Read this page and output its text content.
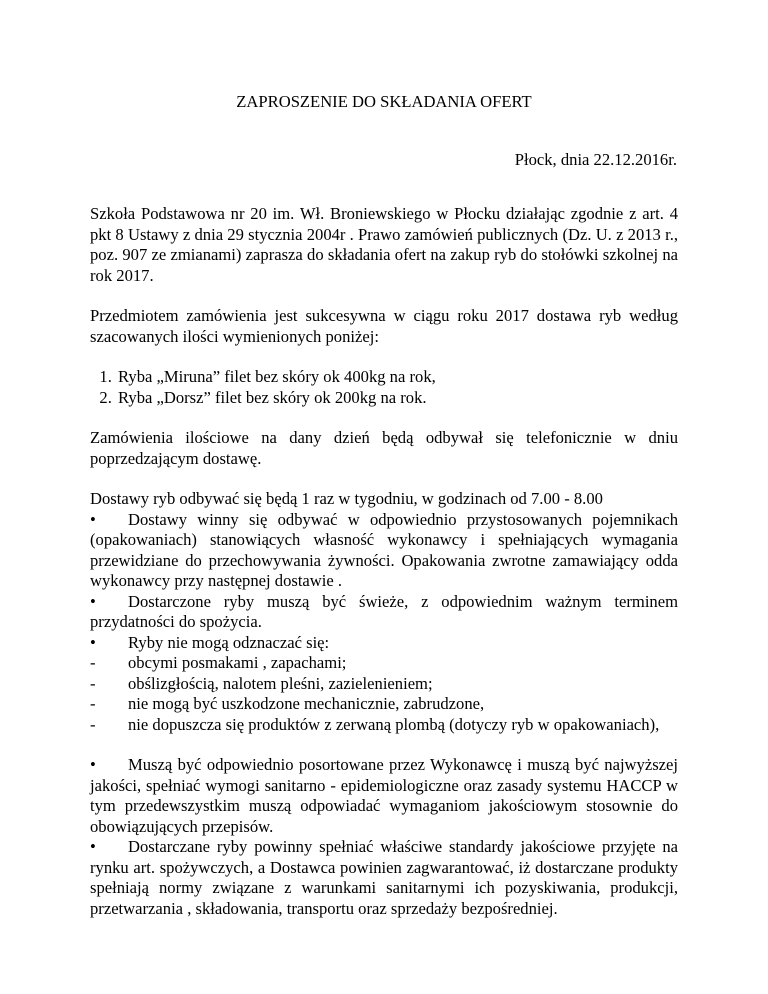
ZAPROSZENIE DO SKŁADANIA OFERT
Płock, dnia 22.12.2016r.

Szkoła Podstawowa nr 20 im. Wł. Broniewskiego w Płocku działając zgodnie z art. 4 pkt 8 Ustawy z dnia 29 stycznia 2004r . Prawo zamówień publicznych (Dz. U. z 2013 r., poz. 907 ze zmianami) zaprasza do składania ofert na zakup ryb do stołówki szkolnej na rok 2017.

Przedmiotem zamówienia jest sukcesywna w ciągu roku 2017 dostawa ryb według szacowanych ilości wymienionych poniżej:

1. Ryba „Miruna” filet bez skóry ok 400kg na rok,
2. Ryba „Dorsz” filet bez skóry ok 200kg na rok.

Zamówienia ilościowe na dany dzień będą odbywał się telefonicznie w dniu poprzedzającym dostawę.

Dostawy ryb odbywać się będą 1 raz w tygodniu, w godzinach od 7.00 - 8.00

• Dostawy winny się odbywać w odpowiednio przystosowanych pojemnikach (opakowaniach) stanowiących własność wykonawcy i spełniających wymagania przewidziane do przechowywania żywności. Opakowania zwrotne zamawiający odda wykonawcy przy następnej dostawie .

• Dostarczone ryby muszą być świeże, z odpowiednim ważnym terminem przydatności do spożycia.

• Ryby nie mogą odznaczać się:

- obcymi posmakami , zapachami;

- obślizgłością, nalotem pleśni, zazielenieniem;

- nie mogą być uszkodzone mechanicznie, zabrudzone,

- nie dopuszcza się produktów z zerwaną plombą (dotyczy ryb w opakowaniach),

• Muszą być odpowiednio posortowane przez Wykonawcę i muszą być najwyższej jakości, spełniać wymogi sanitarno - epidemiologiczne oraz zasady systemu HACCP w tym przedewszystkim muszą odpowiadać wymaganiom jakościowym stosownie do obowiązujących przepisów.

• Dostarczane ryby powinny spełniać właściwe standardy jakościowe przyjęte na rynku art. spożywczych, a Dostawca powinien zagwarantować, iż dostarczane produkty spełniają normy związane z warunkami sanitarnymi ich pozyskiwania, produkcji, przetwarzania , składowania, transportu oraz sprzedaży bezpośredniej.
